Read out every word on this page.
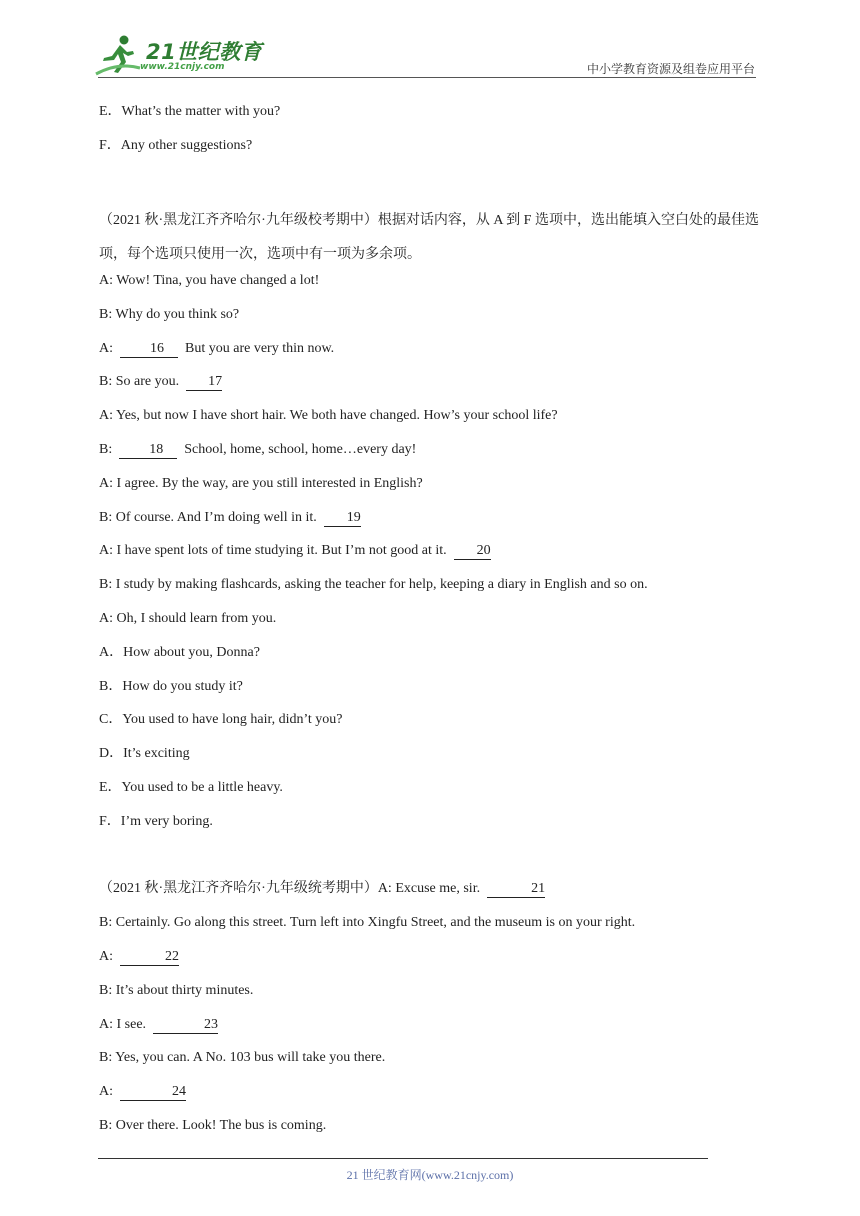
21世纪教育
www.21cnjy.com	中小学教育资源及组卷应用平台
E．What’s the matter with you?
F．Any other suggestions?
（2021 秋·黑龙江齐齐哈尔·九年级校考期中）根据对话内容，从 A 到 F 选项中，选出能填入空白处的最佳选项，每个选项只使用一次，选项中有一项为多余项。
A: Wow! Tina, you have changed a lot!
B: Why do you think so?
A:  16  But you are very thin now.
B: So are you.  17
A: Yes, but now I have short hair. We both have changed. How’s your school life?
B:  18  School, home, school, home…every day!
A: I agree. By the way, are you still interested in English?
B: Of course. And I’m doing well in it.  19
A: I have spent lots of time studying it. But I’m not good at it.  20
B: I study by making flashcards, asking the teacher for help, keeping a diary in English and so on.
A: Oh, I should learn from you.
A．How about you, Donna?
B．How do you study it?
C．You used to have long hair, didn’t you?
D．It’s exciting
E．You used to be a little heavy.
F．I’m very boring.
（2021 秋·黑龙江齐齐哈尔·九年级统考期中）A: Excuse me, sir.	21
B: Certainly. Go along this street. Turn left into Xingfu Street, and the museum is on your right.
A:	22
B: It’s about thirty minutes.
A: I see.	23
B: Yes, you can. A No. 103 bus will take you there.
A:	24
B: Over there. Look! The bus is coming.
21 世纪教育网(www.21cnjy.com)
